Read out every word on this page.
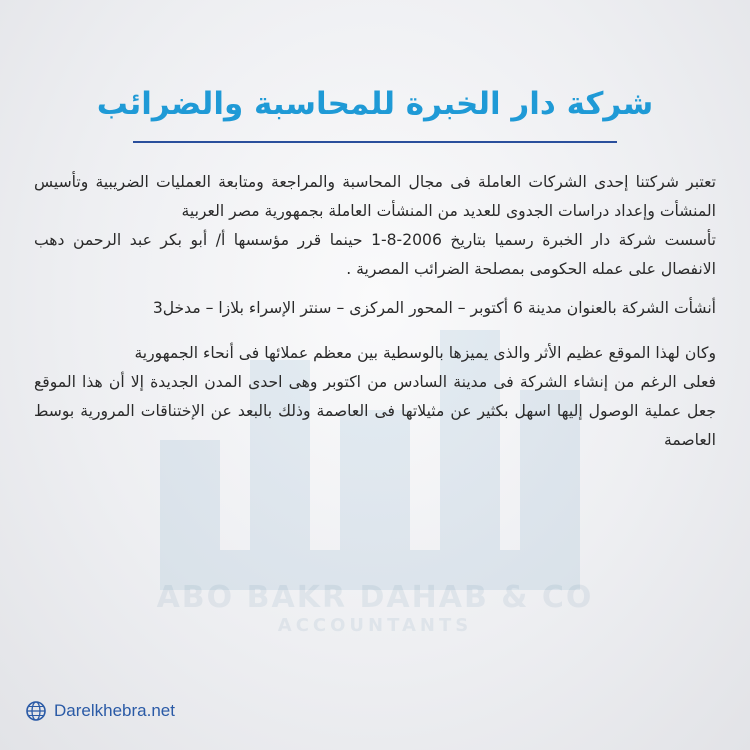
ABO BAKR DAHAB & CO
ACCOUNTANTS
شركة دار الخبرة للمحاسبة والضرائب

تعتبر شركتنا إحدى الشركات العاملة فى مجال المحاسبة والمراجعة ومتابعة العمليات الضريبية وتأسيس المنشأت وإعداد دراسات الجدوى للعديد من المنشأت العاملة بجمهورية مصر العربية

تأسست شركة دار الخبرة رسميا بتاريخ 2006-8-1 حينما قرر مؤسسها أ/ أبو بكر عبد الرحمن دهب الانفصال على عمله الحكومى بمصلحة الضرائب المصرية .

أنشأت الشركة بالعنوان مدينة 6 أكتوبر – المحور المركزى – سنتر الإسراء بلازا – مدخل3

وكان لهذا الموقع عظيم الأثر والذى يميزها بالوسطية بين معظم عملائها فى أنحاء الجمهورية

فعلى الرغم من إنشاء الشركة فى مدينة السادس من اكتوبر وهى احدى المدن الجديدة إلا أن هذا الموقع جعل عملية الوصول إليها اسهل بكثير عن مثيلاتها فى العاصمة وذلك بالبعد عن الإختناقات المرورية بوسط العاصمة

Darelkhebra.net
